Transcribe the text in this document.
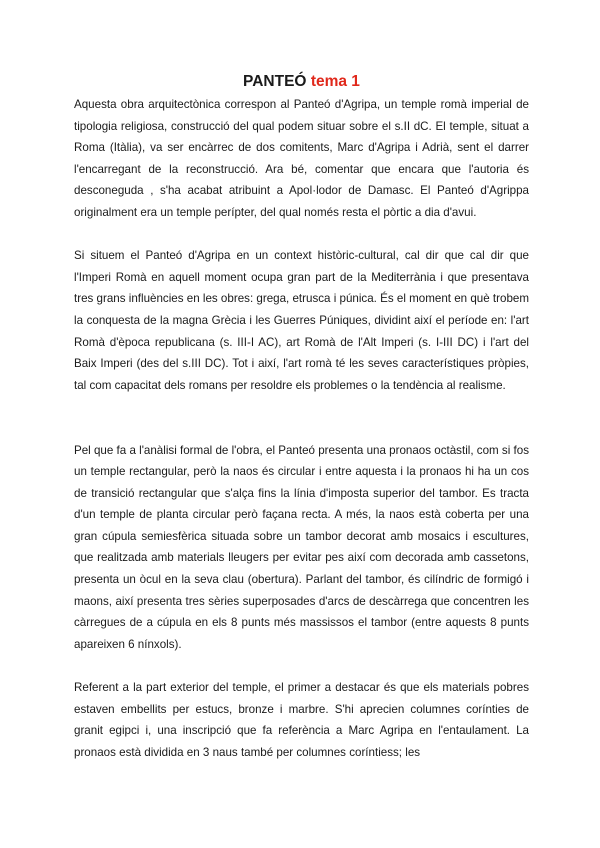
PANTEÓ tema 1

Aquesta obra arquitectònica correspon al Panteó d'Agripa, un temple romà imperial de tipologia religiosa, construcció del qual podem situar sobre el s.II dC. El temple, situat a Roma (Itàlia), va ser encàrrec de dos comitents, Marc d'Agripa i Adrià, sent el darrer l'encarregant de la reconstrucció. Ara bé, comentar que encara que l'autoria és desconeguda , s'ha acabat atribuint a Apol·lodor de Damasc. El Panteó d'Agrippa originalment era un temple perípter, del qual només resta el pòrtic a dia d'avui.

Si situem el Panteó d'Agripa en un context històric-cultural, cal dir que cal dir que l'Imperi Romà en aquell moment ocupa gran part de la Mediterrània i que presentava tres grans influències en les obres: grega, etrusca i púnica. És el moment en què trobem la conquesta de la magna Grècia i les Guerres Púniques, dividint així el període en: l'art Romà d'època republicana (s. III-I AC), art Romà de l'Alt Imperi (s. I-III DC) i l'art del Baix Imperi (des del s.III DC). Tot i així, l'art romà té les seves característiques pròpies, tal com capacitat dels romans per resoldre els problemes o la tendència al realisme.

Pel que fa a l'anàlisi formal de l'obra, el Panteó presenta una pronaos octàstil, com si fos un temple rectangular, però la naos és circular i entre aquesta i la pronaos hi ha un cos de transició rectangular que s'alça fins la línia d'imposta superior del tambor. Es tracta d'un temple de planta circular però façana recta. A més, la naos està coberta per una gran cúpula semiesfèrica situada sobre un tambor decorat amb mosaics i escultures, que realitzada amb materials lleugers per evitar pes així com decorada amb cassetons, presenta un òcul en la seva clau (obertura). Parlant del tambor, és cilíndric de formigó i maons, així presenta tres sèries superposades d'arcs de descàrrega que concentren les càrregues de a cúpula en els 8 punts més massissos el tambor (entre aquests 8 punts apareixen 6 nínxols).

Referent a la part exterior del temple, el primer a destacar és que els materials pobres estaven embellits per estucs, bronze i marbre. S'hi aprecien columnes corínties de granit egipci i, una inscripció que fa referència a Marc Agripa en l'entaulament. La pronaos està dividida en 3 naus també per columnes coríntiess; les
